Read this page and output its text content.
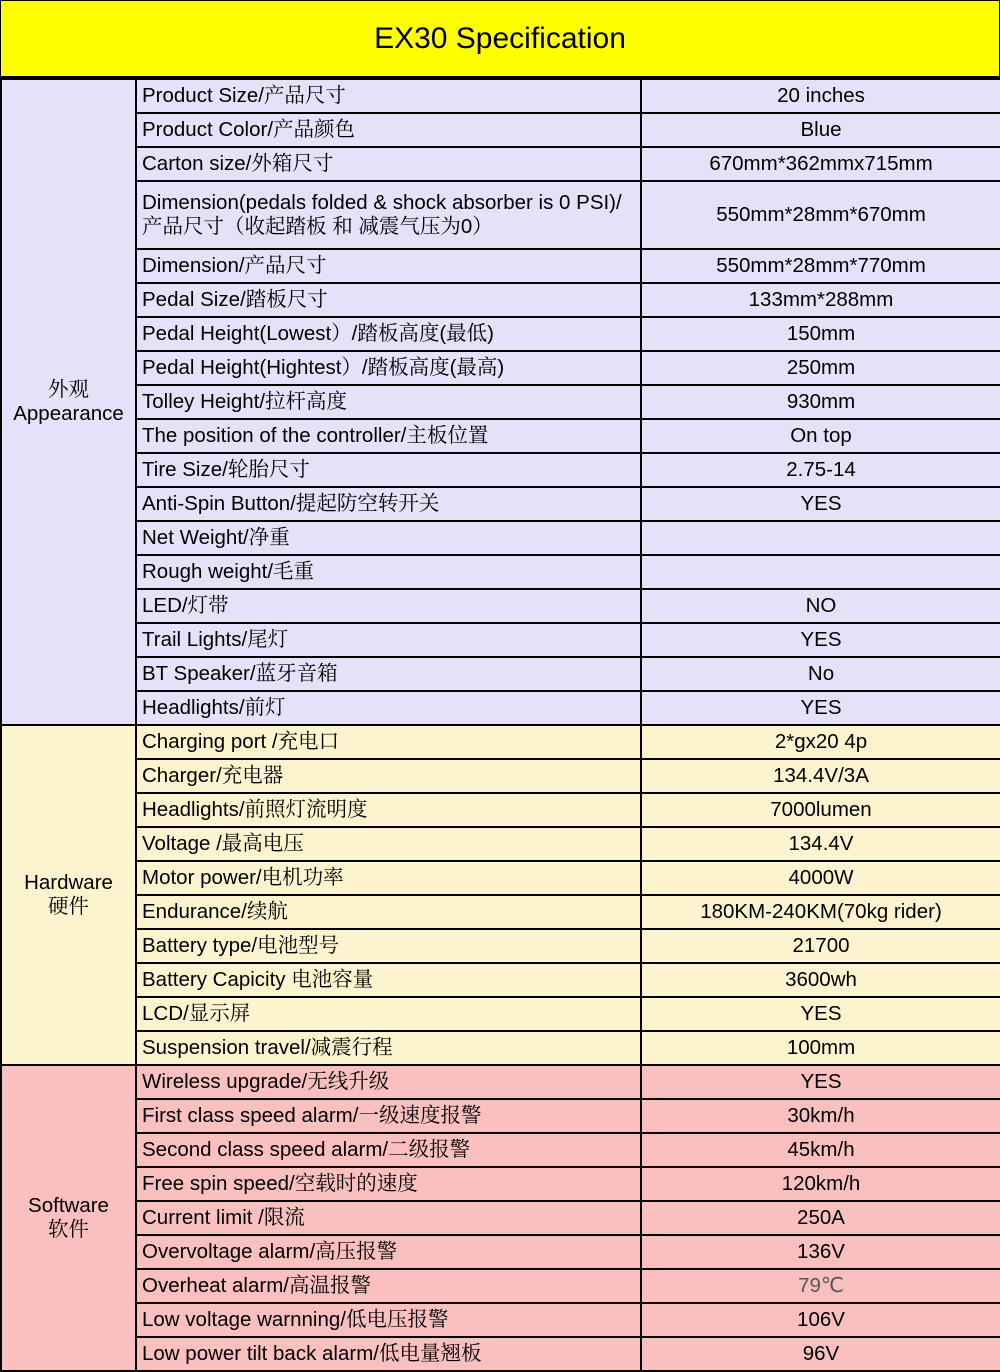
EX30 Specification
外观
Appearance	Product Size/产品尺寸	20 inches
	Product Color/产品颜色	Blue
	Carton size/外箱尺寸	670mm*362mmx715mm
	Dimension(pedals folded & shock absorber is 0 PSI)/产品尺寸（收起踏板 和 减震气压为0）	550mm*28mm*670mm
	Dimension/产品尺寸	550mm*28mm*770mm
	Pedal Size/踏板尺寸	133mm*288mm
	Pedal Height(Lowest）/踏板高度(最低)	150mm
	Pedal Height(Hightest）/踏板高度(最高)	250mm
	Tolley Height/拉杆高度	930mm
	The position of the controller/主板位置	On top
	Tire Size/轮胎尺寸	2.75-14
	Anti-Spin Button/提起防空转开关	YES
	Net Weight/净重	
	Rough weight/毛重	
	LED/灯带	NO
	Trail Lights/尾灯	YES
	BT Speaker/蓝牙音箱	No
	Headlights/前灯	YES

Hardware
硬件	Charging port /充电口	2*gx20 4p
	Charger/充电器	134.4V/3A
	Headlights/前照灯流明度	7000lumen
	Voltage /最高电压	134.4V
	Motor power/电机功率	4000W
	Endurance/续航	180KM-240KM(70kg rider)
	Battery type/电池型号	21700
	Battery Capicity 电池容量	3600wh
	LCD/显示屏	YES
	Suspension travel/减震行程	100mm

Software
软件	Wireless upgrade/无线升级	YES
	First class speed alarm/一级速度报警	30km/h
	Second class speed alarm/二级报警	45km/h
	Free spin speed/空载时的速度	120km/h
	Current limit /限流	250A
	Overvoltage alarm/高压报警	136V
	Overheat alarm/高温报警	79℃
	Low voltage warnning/低电压报警	106V
	Low power tilt back alarm/低电量翘板	96V
